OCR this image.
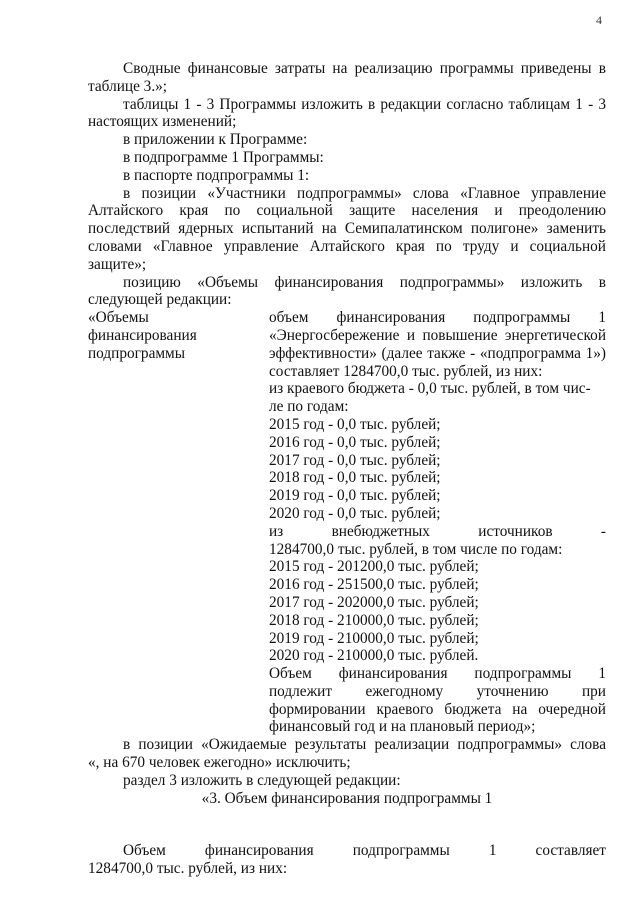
4

Сводные финансовые затраты на реализацию программы приведены в

таблице 3.»;

таблицы 1 - 3 Программы изложить в редакции согласно таблицам 1 - 3

настоящих изменений;

в приложении к Программе:

в подпрограмме 1 Программы:

в паспорте подпрограммы 1:

в позиции «Участники подпрограммы» слова «Главное управление

Алтайского края по социальной защите населения и преодолению

последствий ядерных испытаний на Семипалатинском полигоне» заменить

словами «Главное управление Алтайского края по труду и социальной

защите»;

позицию «Объемы финансирования подпрограммы» изложить в

следующей редакции:

«Объемы

финансирования

подпрограммы

объем финансирования подпрограммы 1

«Энергосбережение и повышение энергетической

эффективности» (далее также - «подпрограмма 1»)

составляет 1284700,0 тыс. рублей, из них:

из краевого бюджета - 0,0 тыс. рублей, в том чис-

ле по годам:

2015 год - 0,0 тыс. рублей;

2016 год - 0,0 тыс. рублей;

2017 год - 0,0 тыс. рублей;

2018 год - 0,0 тыс. рублей;

2019 год - 0,0 тыс. рублей;

2020 год - 0,0 тыс. рублей;

из внебюджетных источников -

1284700,0 тыс. рублей, в том числе по годам:

2015 год - 201200,0 тыс. рублей;

2016 год - 251500,0 тыс. рублей;

2017 год - 202000,0 тыс. рублей;

2018 год - 210000,0 тыс. рублей;

2019 год - 210000,0 тыс. рублей;

2020 год - 210000,0 тыс. рублей.

Объем финансирования подпрограммы 1

подлежит ежегодному уточнению при

формировании краевого бюджета на очередной

финансовый год и на плановый период»;

в позиции «Ожидаемые результаты реализации подпрограммы» слова

«, на 670 человек ежегодно» исключить;

раздел 3 изложить в следующей редакции:

«3. Объем финансирования подпрограммы 1

Объем финансирования подпрограммы 1 составляет

1284700,0 тыс. рублей, из них:
